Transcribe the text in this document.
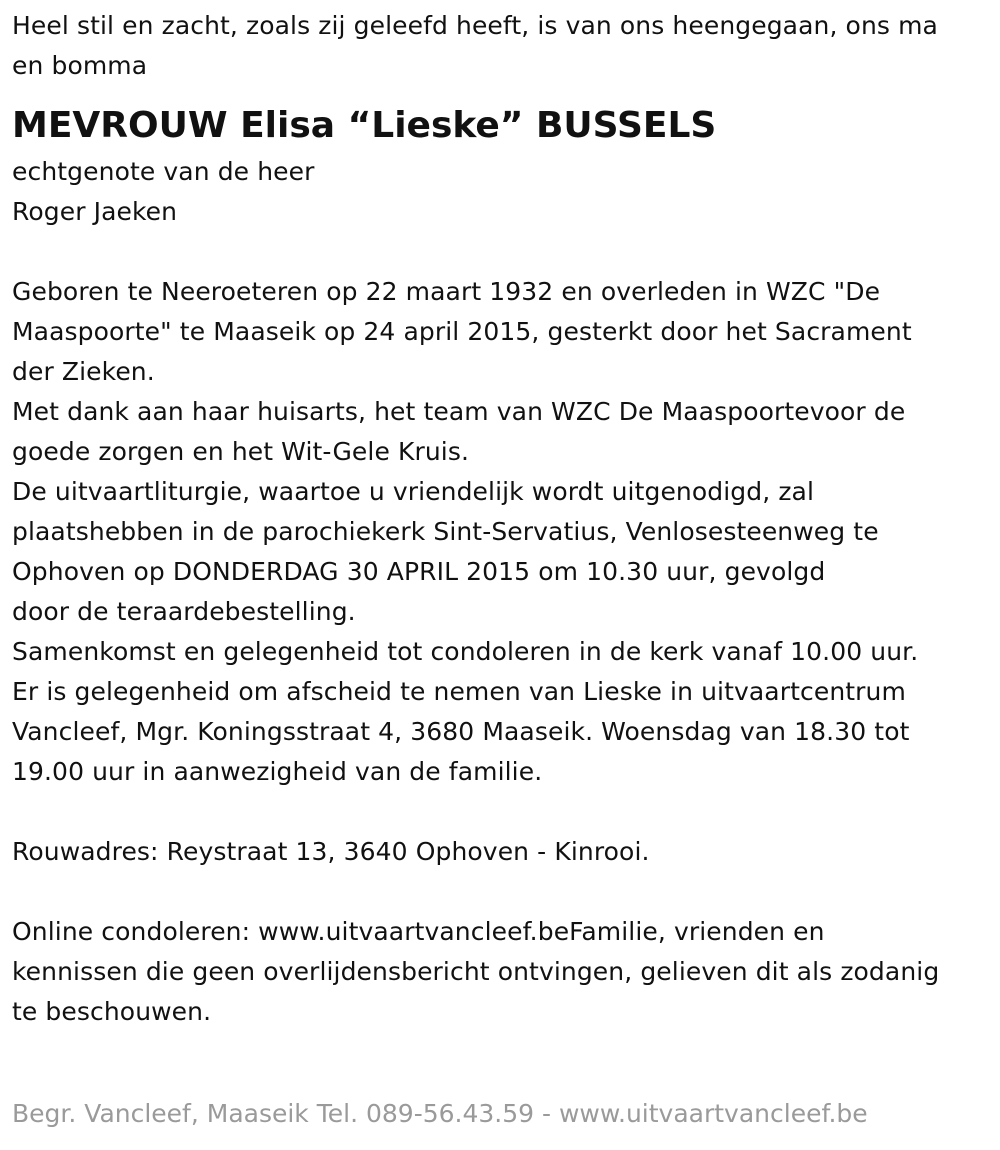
Heel stil en zacht, zoals zij geleefd heeft, is van ons heengegaan, ons ma
en bomma
MEVROUW Elisa “Lieske” BUSSELS
echtgenote van de heer
Roger Jaeken
Geboren te Neeroeteren op 22 maart 1932 en overleden in WZC "De
Maaspoorte" te Maaseik op 24 april 2015, gesterkt door het Sacrament
der Zieken.
Met dank aan haar huisarts, het team van WZC De Maaspoortevoor de
goede zorgen en het Wit-Gele Kruis.
De uitvaartliturgie, waartoe u vriendelijk wordt uitgenodigd, zal
plaatshebben in de parochiekerk Sint-Servatius, Venlosesteenweg te
Ophoven op DONDERDAG 30 APRIL 2015 om 10.30 uur, gevolgd
door de teraardebestelling.
Samenkomst en gelegenheid tot condoleren in de kerk vanaf 10.00 uur.
Er is gelegenheid om afscheid te nemen van Lieske in uitvaartcentrum
Vancleef, Mgr. Koningsstraat 4, 3680 Maaseik. Woensdag van 18.30 tot
19.00 uur in aanwezigheid van de familie.
Rouwadres: Reystraat 13, 3640 Ophoven - Kinrooi.
Online condoleren: www.uitvaartvancleef.beFamilie, vrienden en
kennissen die geen overlijdensbericht ontvingen, gelieven dit als zodanig
te beschouwen.
Begr. Vancleef, Maaseik Tel. 089-56.43.59 - www.uitvaartvancleef.be
